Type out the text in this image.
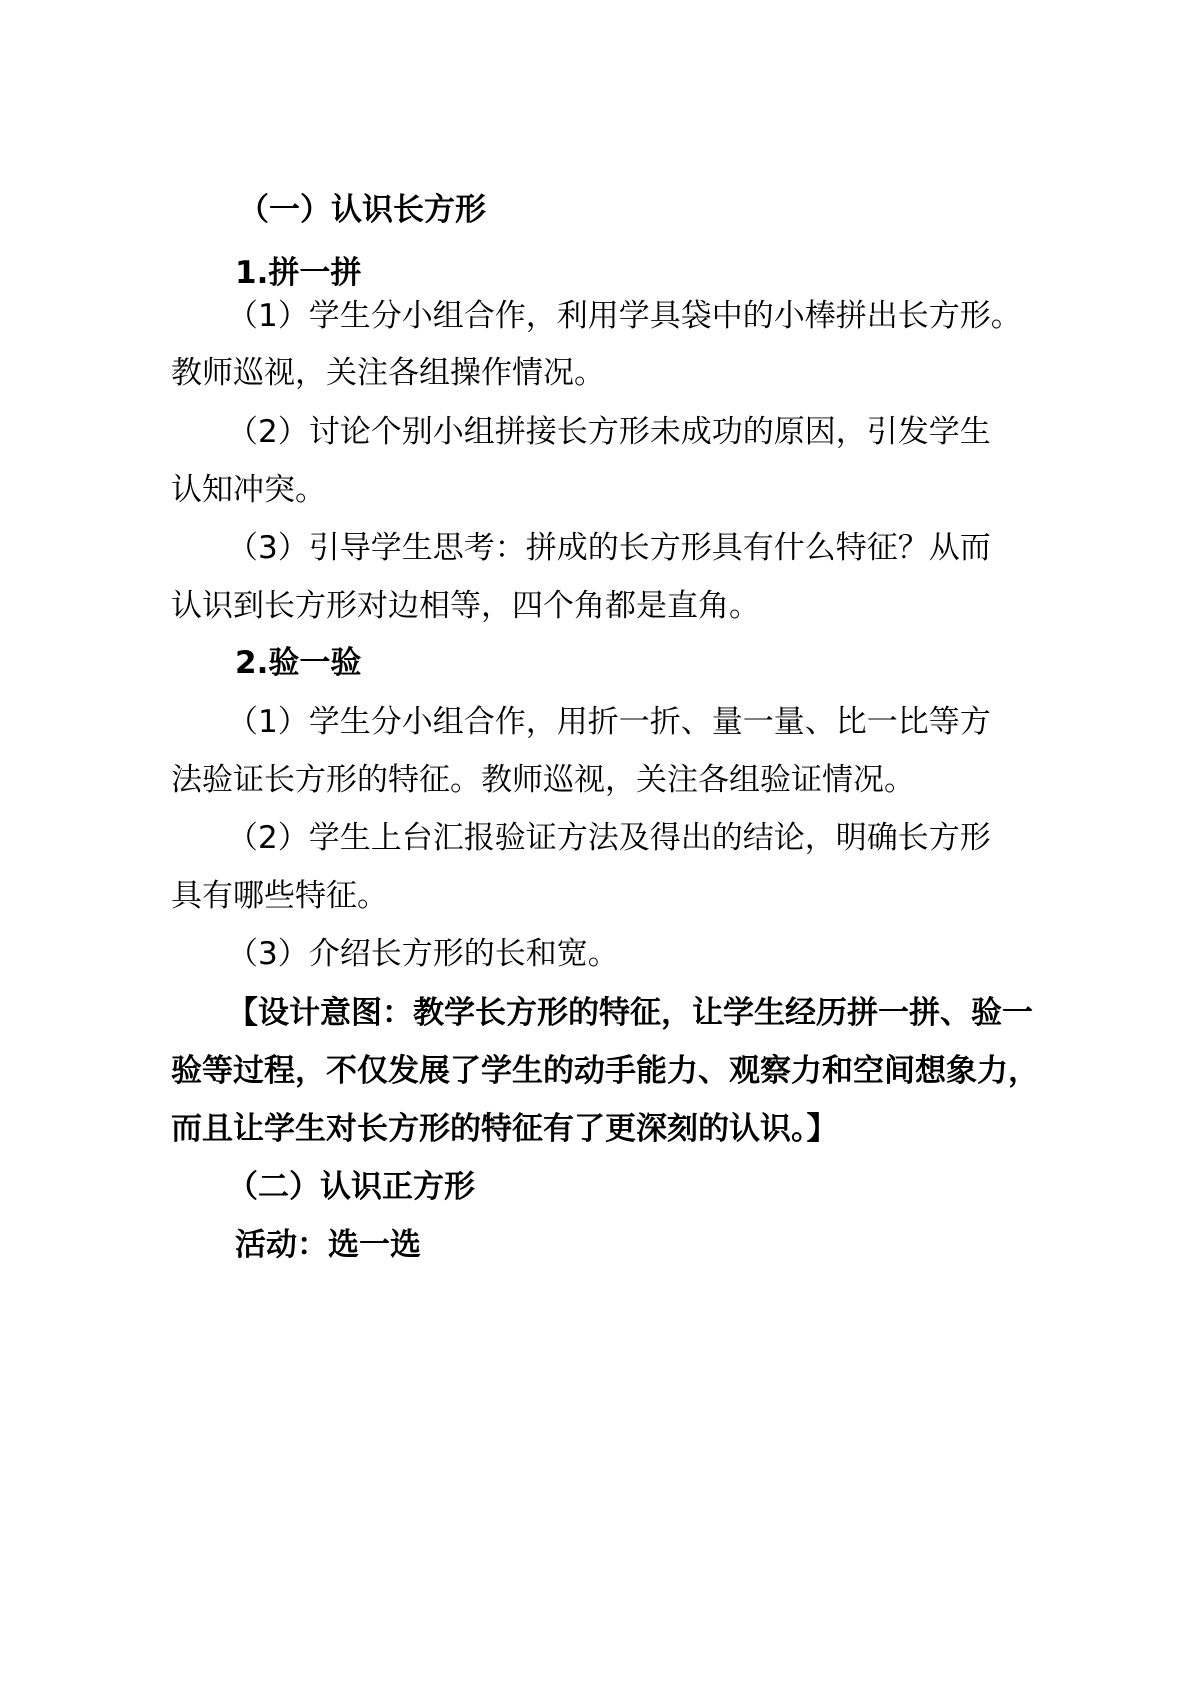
（一）认识长方形
1.拼一拼
（1）学生分小组合作，利用学具袋中的小棒拼出长方形。
教师巡视，关注各组操作情况。
（2）讨论个别小组拼接长方形未成功的原因，引发学生
认知冲突。
（3）引导学生思考：拼成的长方形具有什么特征？从而
认识到长方形对边相等，四个角都是直角。
2.验一验
（1）学生分小组合作，用折一折、量一量、比一比等方
法验证长方形的特征。教师巡视，关注各组验证情况。
（2）学生上台汇报验证方法及得出的结论，明确长方形
具有哪些特征。
（3）介绍长方形的长和宽。
【设计意图：教学长方形的特征，让学生经历拼一拼、验一
验等过程，不仅发展了学生的动手能力、观察力和空间想象力，
而且让学生对长方形的特征有了更深刻的认识。】
（二）认识正方形
活动：选一选
